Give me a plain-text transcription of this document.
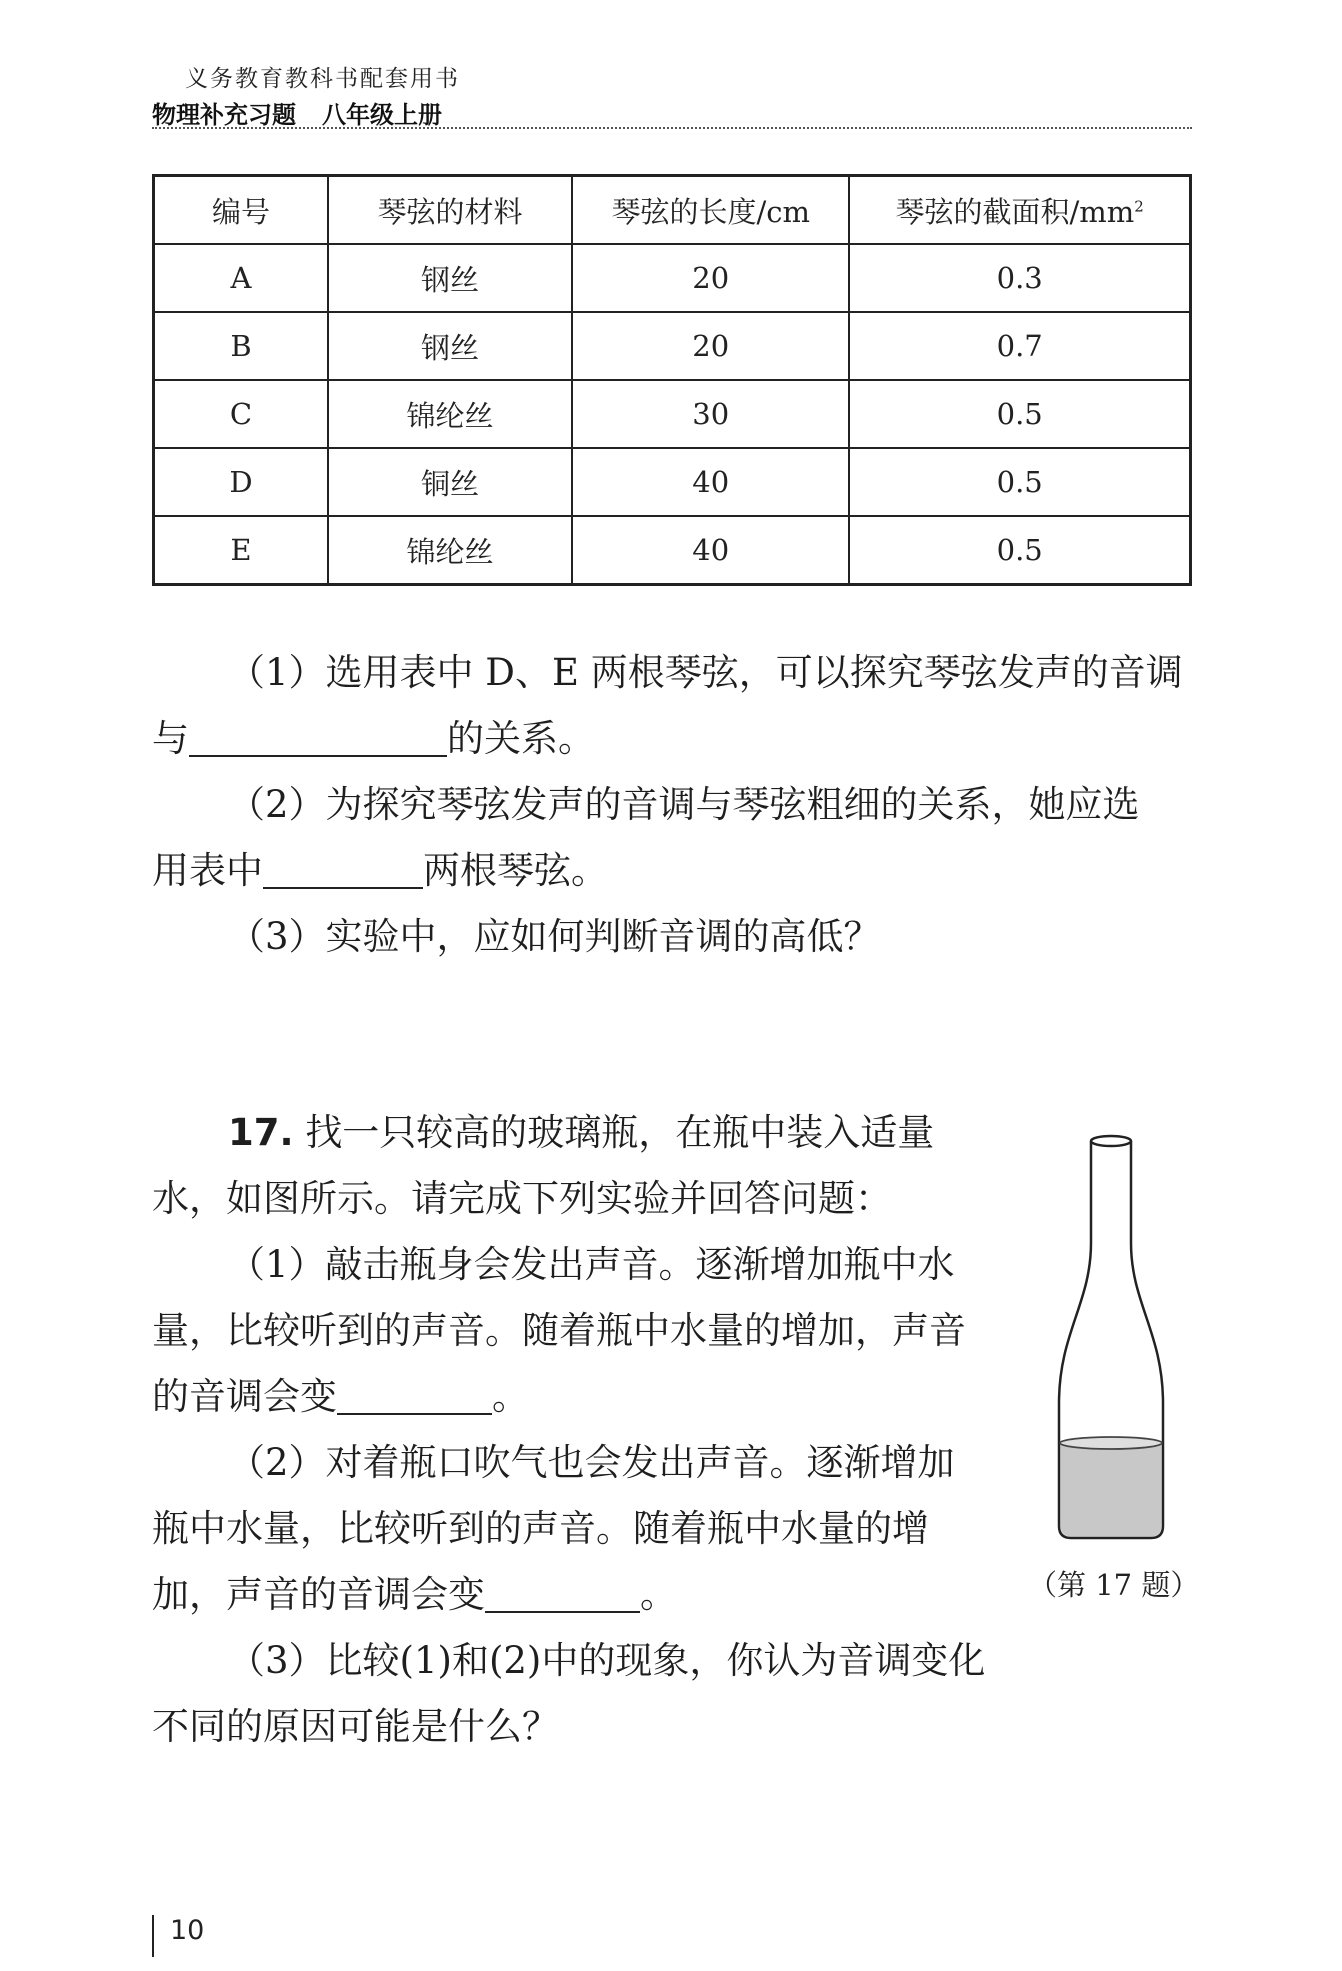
义务教育教科书配套用书
物理补充习题 八年级上册
编号	琴弦的材料	琴弦的长度/cm	琴弦的截面积$/mm^2$
A	钢丝	20	0.3
B	钢丝	20	0.7
C	锦纶丝	30	0.5
D	铜丝	40	0.5
E	锦纶丝	40	0.5
（1）选用表中 D、E 两根琴弦，可以探究琴弦发声的音调
与	的关系。
（2）为探究琴弦发声的音调与琴弦粗细的关系，她应选
用表中	两根琴弦。
（3）实验中，应如何判断音调的高低？
17. 找一只较高的玻璃瓶，在瓶中装入适量
水，如图所示。请完成下列实验并回答问题：
（1）敲击瓶身会发出声音。逐渐增加瓶中水
量，比较听到的声音。随着瓶中水量的增加，声音
的音调会变	。
（2）对着瓶口吹气也会发出声音。逐渐增加
瓶中水量，比较听到的声音。随着瓶中水量的增
加，声音的音调会变	。
（3）比较(1)和(2)中的现象，你认为音调变化
不同的原因可能是什么？
（第 17 题）
10
